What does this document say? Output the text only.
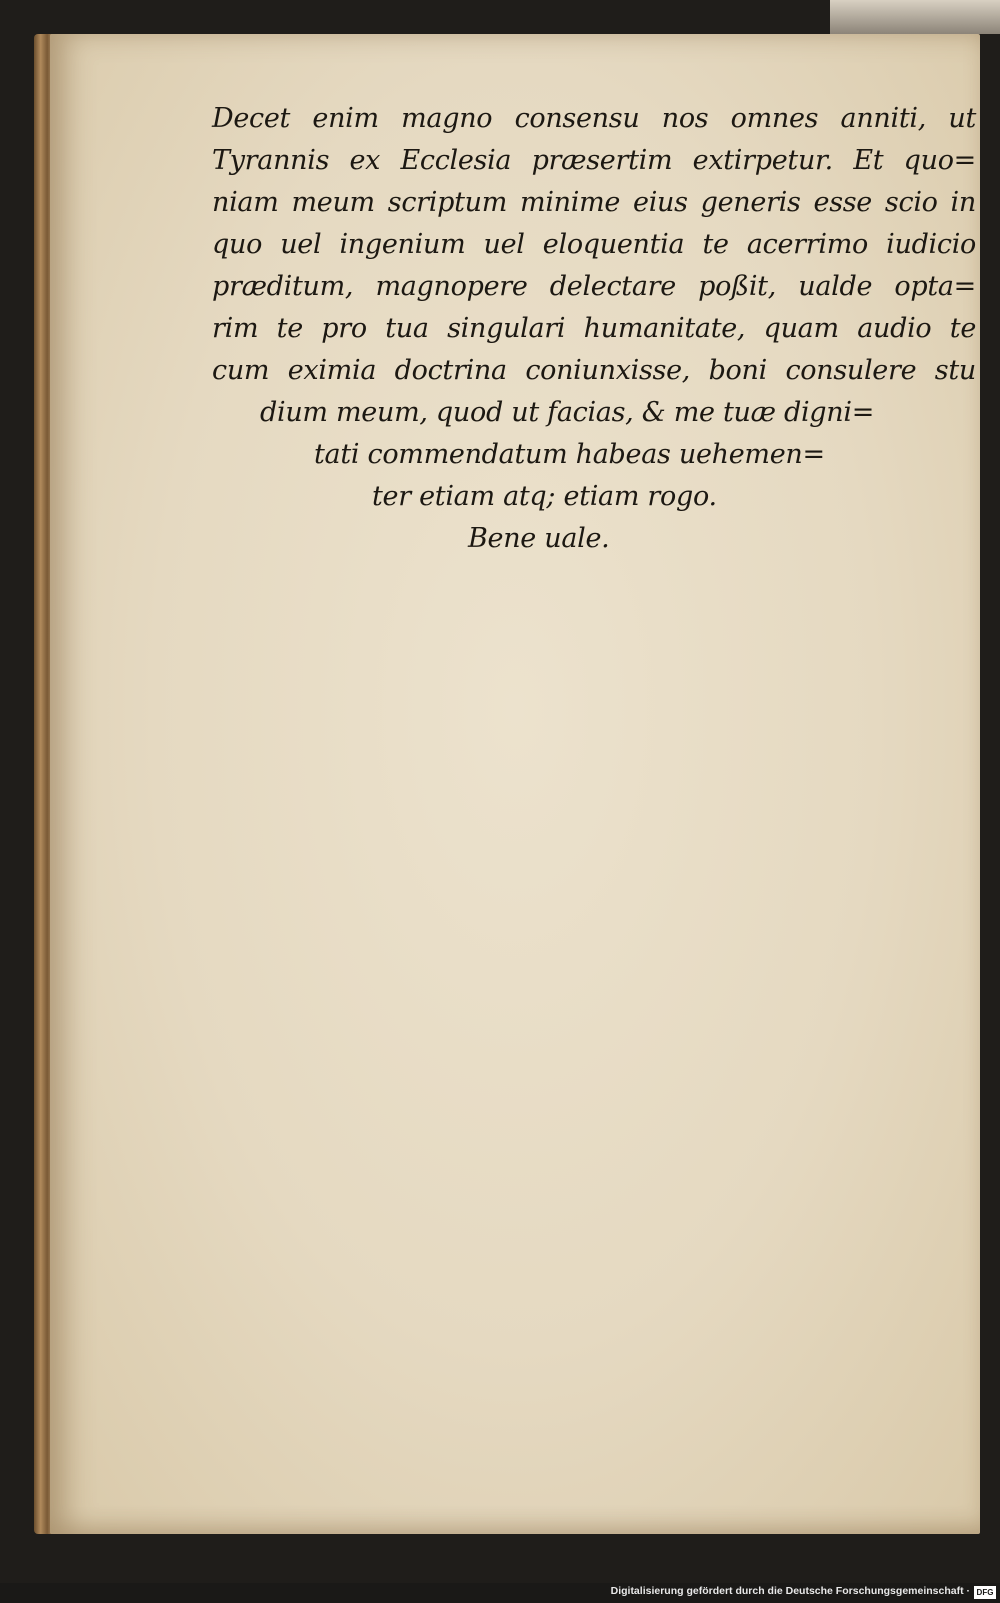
Decet enim magno consensu nos omnes anniti, ut
Tyrannis ex Ecclesia præsertim extirpetur. Et quo=
niam meum scriptum minime eius generis esse scio in
quo uel ingenium uel eloquentia te acerrimo iudicio
præditum, magnopere delectare poßit, ualde opta=
rim te pro tua singulari humanitate, quam audio te
cum eximia doctrina coniunxisse, boni consulere stu
dium meum, quod ut facias, & me tuæ digni=
tati commendatum habeas uehemen=
ter etiam atq; etiam rogo.
Bene uale.
Digitalisierung gefördert durch die Deutsche Forschungsgemeinschaft · DFG
